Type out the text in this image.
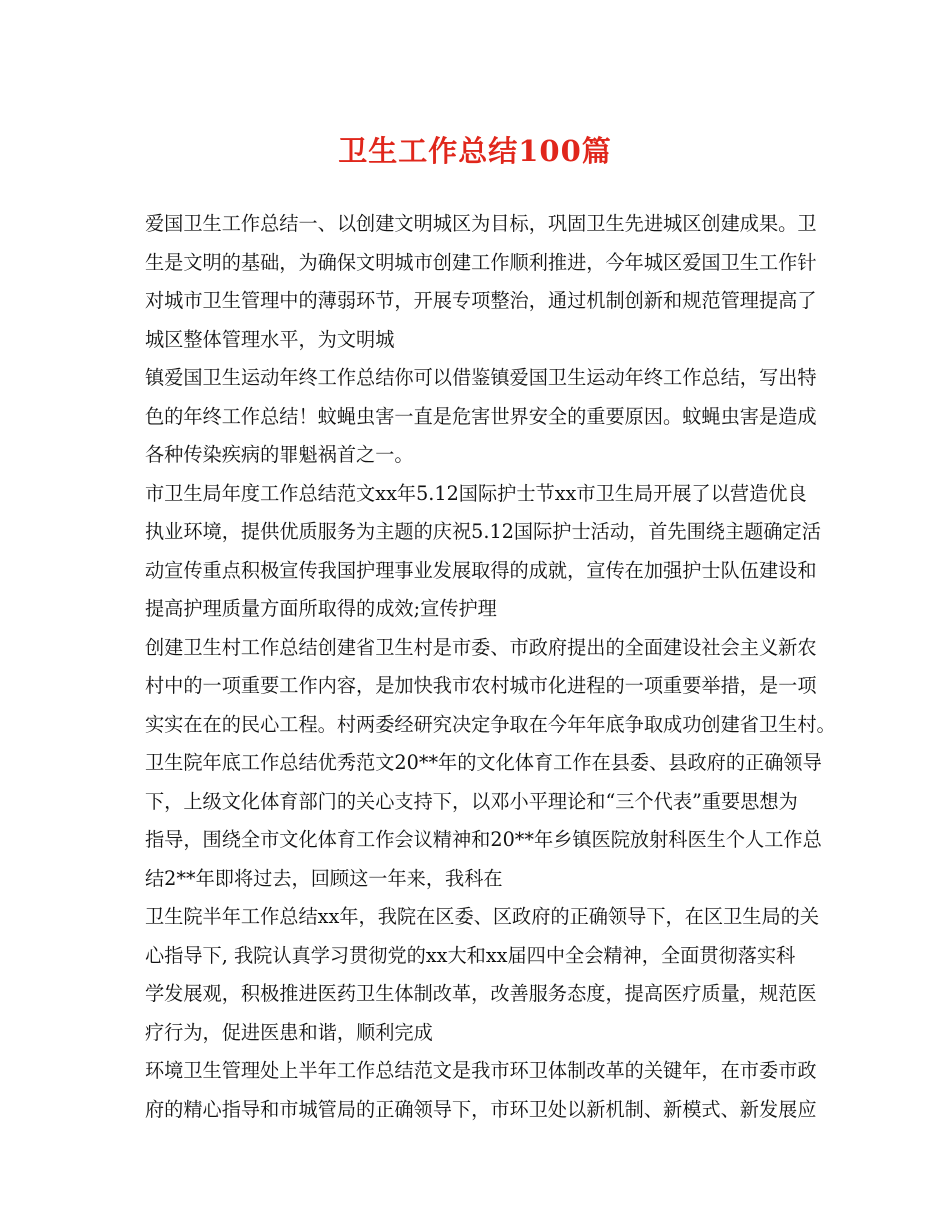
卫生工作总结100篇
爱国卫生工作总结一、以创建文明城区为目标，巩固卫生先进城区创建成果。卫
生是文明的基础，为确保文明城市创建工作顺利推进，今年城区爱国卫生工作针
对城市卫生管理中的薄弱环节，开展专项整治，通过机制创新和规范管理提高了
城区整体管理水平，为文明城
镇爱国卫生运动年终工作总结你可以借鉴镇爱国卫生运动年终工作总结，写出特
色的年终工作总结！蚊蝇虫害一直是危害世界安全的重要原因。蚊蝇虫害是造成
各种传染疾病的罪魁祸首之一。
市卫生局年度工作总结范文xx年5.12国际护士节xx市卫生局开展了以营造优良
执业环境，提供优质服务为主题的庆祝5.12国际护士活动，首先围绕主题确定活
动宣传重点积极宣传我国护理事业发展取得的成就，宣传在加强护士队伍建设和
提高护理质量方面所取得的成效;宣传护理
创建卫生村工作总结创建省卫生村是市委、市政府提出的全面建设社会主义新农
村中的一项重要工作内容，是加快我市农村城市化进程的一项重要举措，是一项
实实在在的民心工程。村两委经研究决定争取在今年年底争取成功创建省卫生村。
卫生院年底工作总结优秀范文20**年的文化体育工作在县委、县政府的正确领导
下，上级文化体育部门的关心支持下，以邓小平理论和“三个代表”重要思想为
指导，围绕全市文化体育工作会议精神和20**年乡镇医院放射科医生个人工作总
结2**年即将过去，回顾这一年来，我科在
卫生院半年工作总结xx年，我院在区委、区政府的正确领导下，在区卫生局的关
心指导下, 我院认真学习贯彻党的xx大和xx届四中全会精神，全面贯彻落实科
学发展观，积极推进医药卫生体制改革，改善服务态度，提高医疗质量，规范医
疗行为，促进医患和谐，顺利完成
环境卫生管理处上半年工作总结范文是我市环卫体制改革的关键年，在市委市政
府的精心指导和市城管局的正确领导下，市环卫处以新机制、新模式、新发展应
